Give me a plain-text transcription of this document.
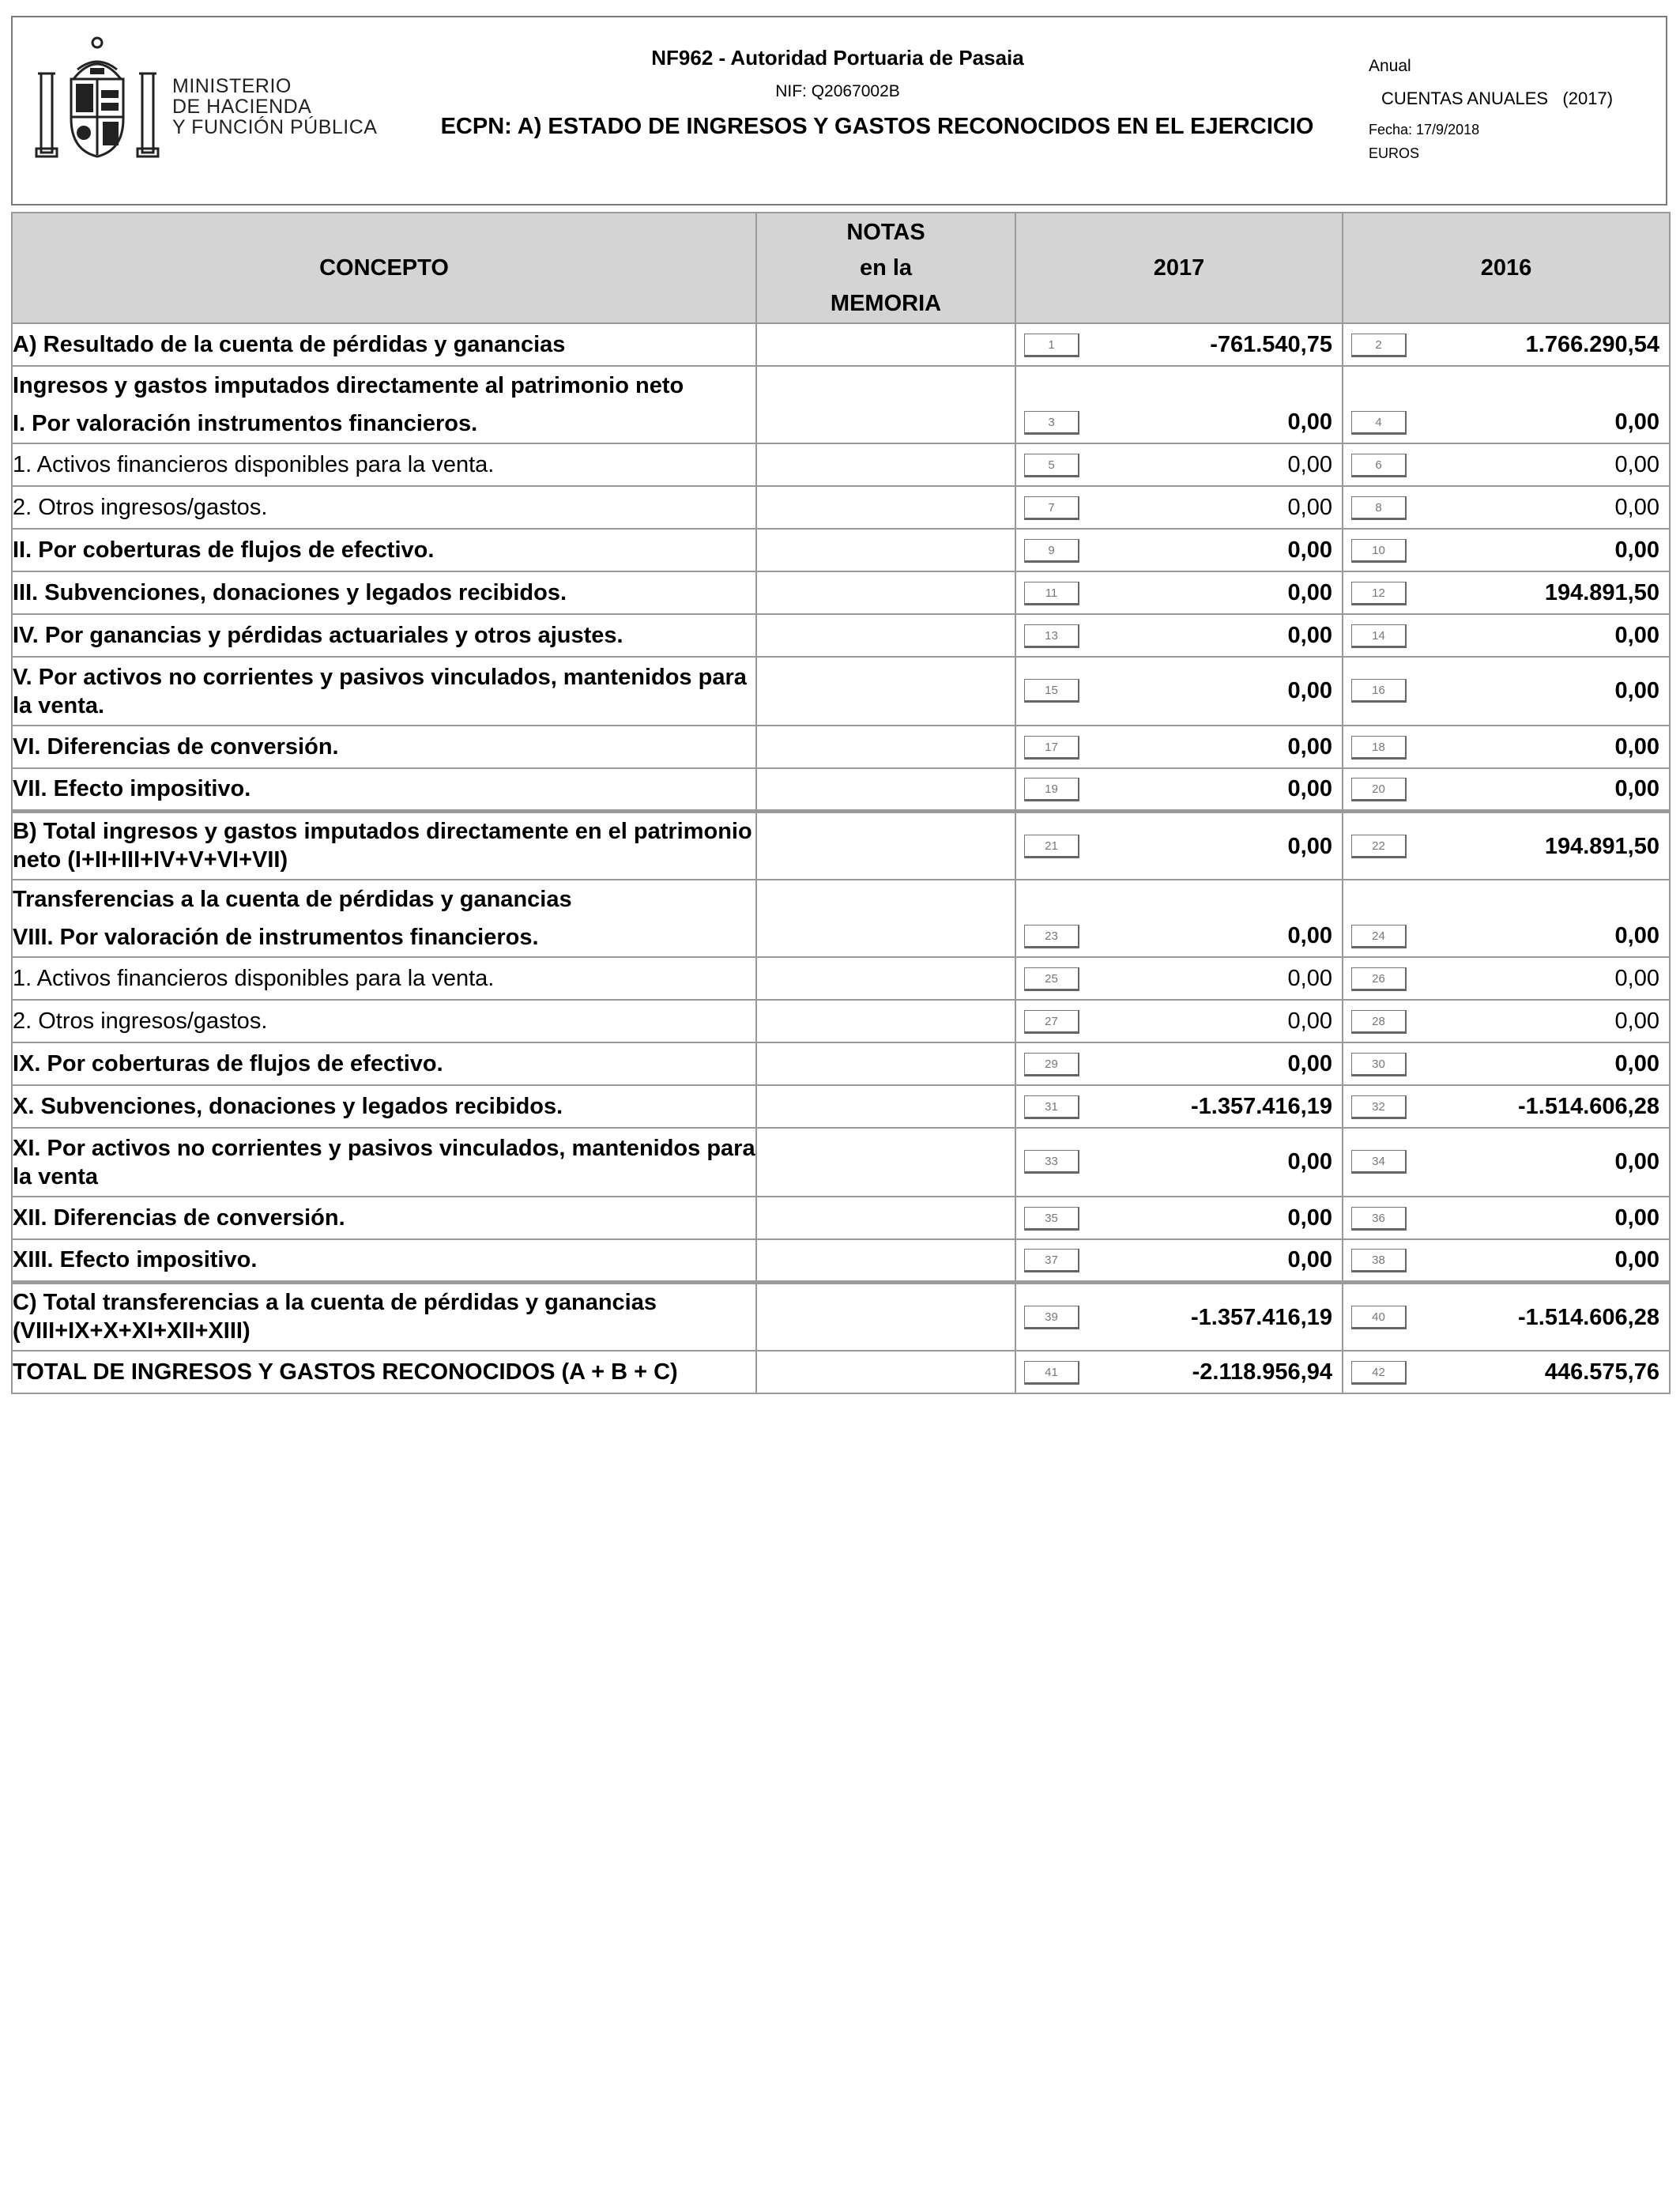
MINISTERIO
DE HACIENDA
Y FUNCIÓN PÚBLICA
NF962 - Autoridad Portuaria de Pasaia
NIF: Q2067002B
ECPN: A) ESTADO DE INGRESOS Y GASTOS RECONOCIDOS EN EL EJERCICIO
Anual
CUENTAS ANUALES   (2017)
Fecha: 17/9/2018
EUROS
CONCEPTO	NOTAS
en la
MEMORIA	2017	2016
A) Resultado de la cuenta de pérdidas y ganancias		1 -761.540,75	2 1.766.290,54

Ingresos y gastos imputados directamente al patrimonio neto
I. Por valoración instrumentos financieros.		3 0,00	4 0,00

1. Activos financieros disponibles para la venta.		5 0,00	6 0,00

2. Otros ingresos/gastos.		7 0,00	8 0,00

II. Por coberturas de flujos de efectivo.		9 0,00	10 0,00

III. Subvenciones, donaciones y legados recibidos.		11 0,00	12 194.891,50

IV. Por ganancias y pérdidas actuariales y otros ajustes.		13 0,00	14 0,00

V. Por activos no corrientes y pasivos vinculados, mantenidos para la venta.		15 0,00	16 0,00

VI. Diferencias de conversión.		17 0,00	18 0,00

VII. Efecto impositivo.		19 0,00	20 0,00

B) Total ingresos y gastos imputados directamente en el patrimonio neto (I+II+III+IV+V+VI+VII)		21 0,00	22 194.891,50

Transferencias a la cuenta de pérdidas y ganancias
VIII. Por valoración de instrumentos financieros.		23 0,00	24 0,00

1. Activos financieros disponibles para la venta.		25 0,00	26 0,00

2. Otros ingresos/gastos.		27 0,00	28 0,00

IX. Por coberturas de flujos de efectivo.		29 0,00	30 0,00

X. Subvenciones, donaciones y legados recibidos.		31 -1.357.416,19	32 -1.514.606,28

XI. Por activos no corrientes y pasivos vinculados, mantenidos para la venta		33 0,00	34 0,00

XII. Diferencias de conversión.		35 0,00	36 0,00

XIII. Efecto impositivo.		37 0,00	38 0,00

C) Total transferencias a la cuenta de pérdidas y ganancias (VIII+IX+X+XI+XII+XIII)		39 -1.357.416,19	40 -1.514.606,28

TOTAL DE INGRESOS Y GASTOS RECONOCIDOS (A + B + C)		41 -2.118.956,94	42 446.575,76
